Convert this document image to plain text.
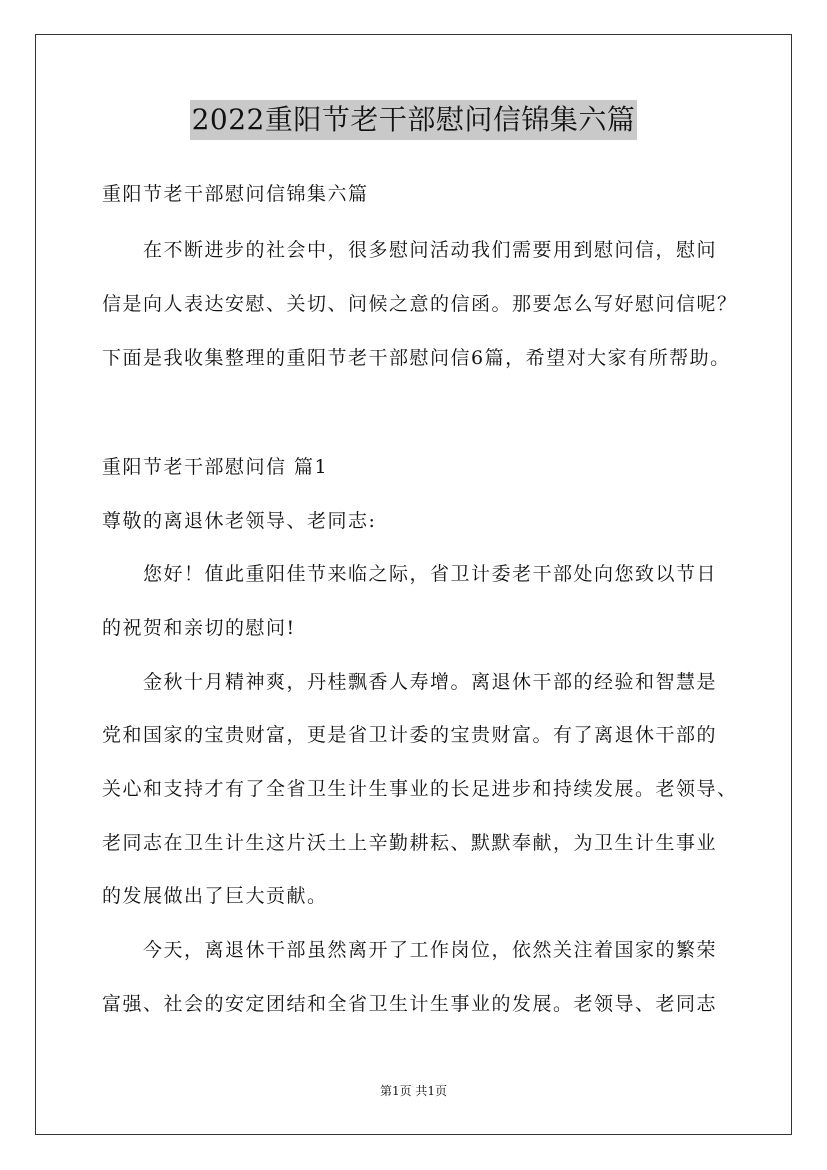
2022重阳节老干部慰问信锦集六篇
重阳节老干部慰问信锦集六篇
在不断进步的社会中，很多慰问活动我们需要用到慰问信，慰问
信是向人表达安慰、关切、问候之意的信函。那要怎么写好慰问信呢？
下面是我收集整理的重阳节老干部慰问信6篇，希望对大家有所帮助。
重阳节老干部慰问信 篇1
尊敬的离退休老领导、老同志:
您好！值此重阳佳节来临之际，省卫计委老干部处向您致以节日
的祝贺和亲切的慰问!
金秋十月精神爽，丹桂飘香人寿增。离退休干部的经验和智慧是
党和国家的宝贵财富，更是省卫计委的宝贵财富。有了离退休干部的
关心和支持才有了全省卫生计生事业的长足进步和持续发展。老领导、
老同志在卫生计生这片沃土上辛勤耕耘、默默奉献，为卫生计生事业
的发展做出了巨大贡献。
今天，离退休干部虽然离开了工作岗位，依然关注着国家的繁荣
富强、社会的安定团结和全省卫生计生事业的发展。老领导、老同志
第1页 共1页
